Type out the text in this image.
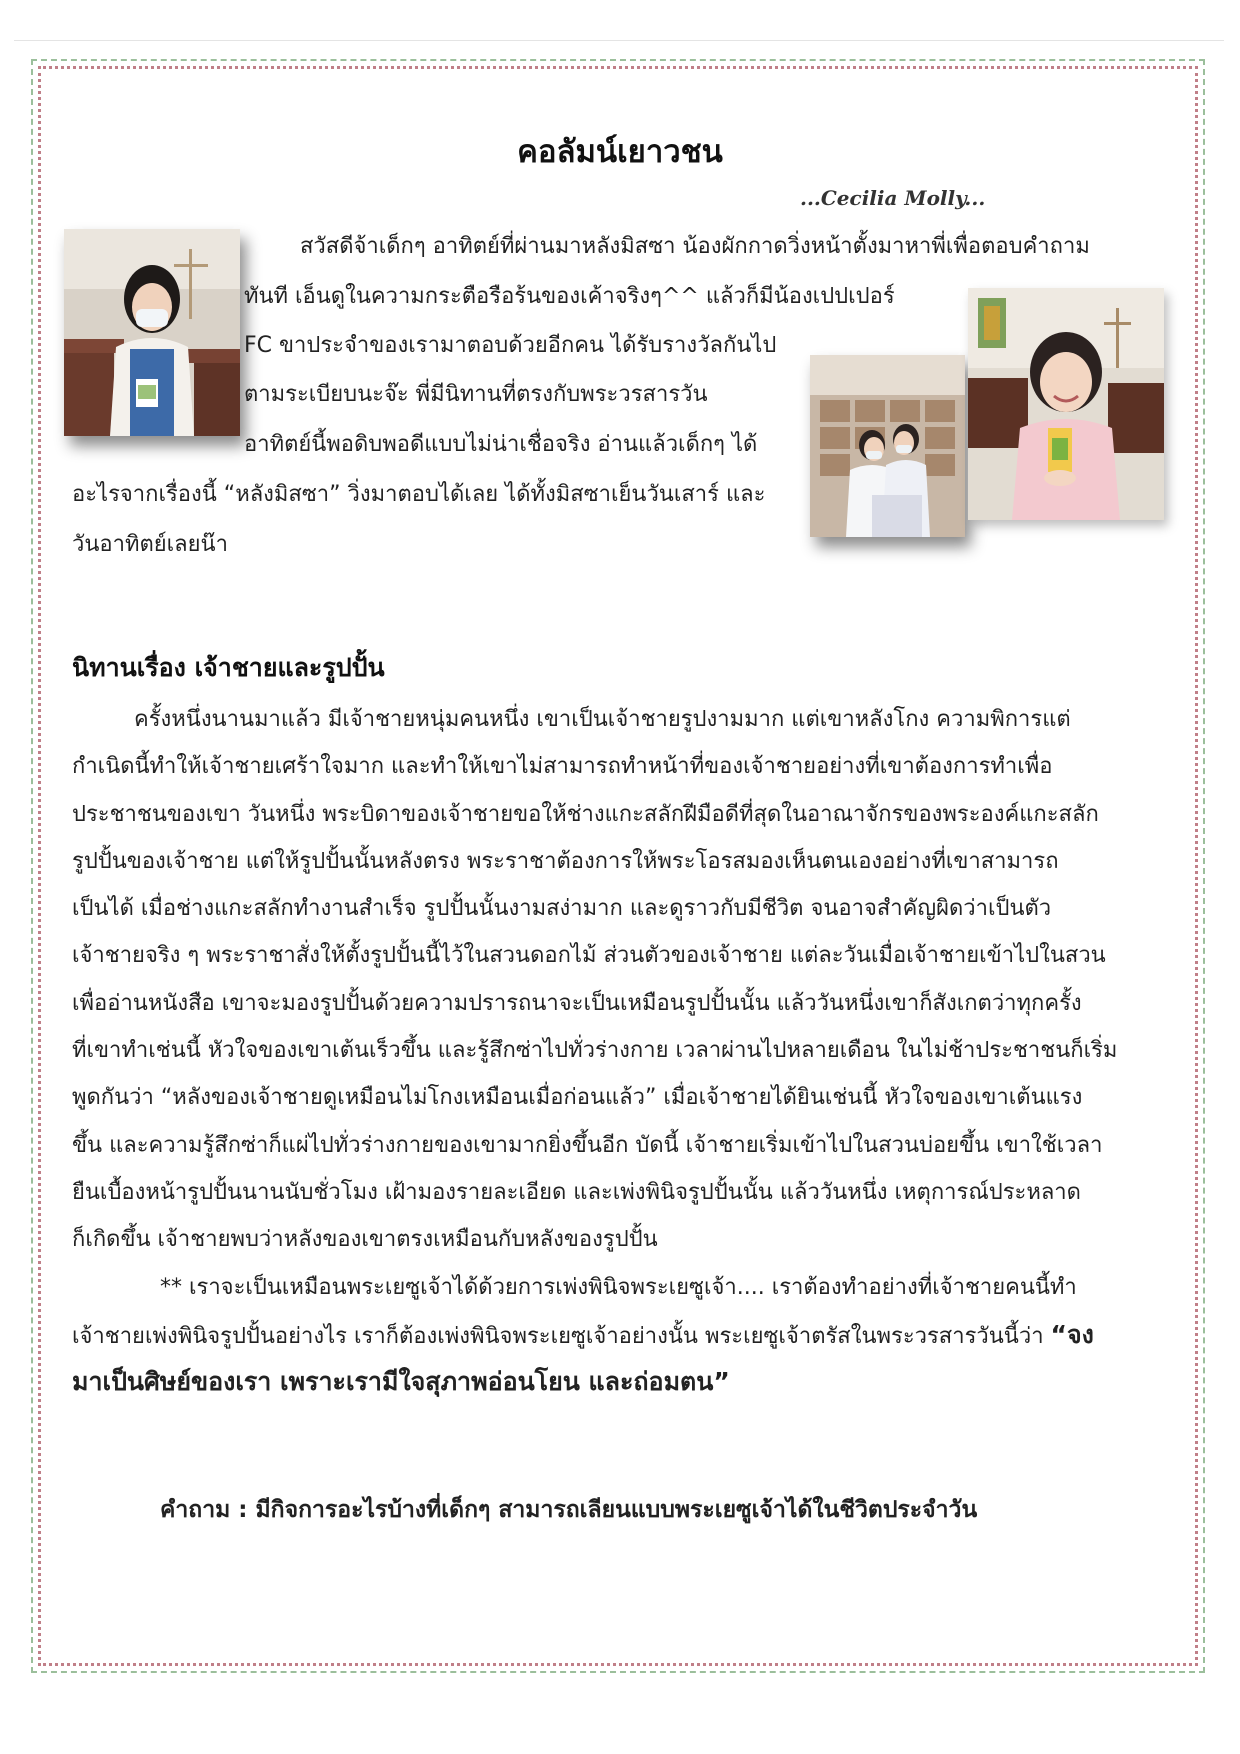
คอลัมน์เยาวชน
...Cecilia Molly...
สวัสดีจ้าเด็กๆ อาทิตย์ที่ผ่านมาหลังมิสซา น้องผักกาดวิ่งหน้าตั้งมาหาพี่เพื่อตอบคำถาม
ทันที เอ็นดูในความกระตือรือร้นของเค้าจริงๆ^^ แล้วก็มีน้องเปปเปอร์
FC ขาประจำของเรามาตอบด้วยอีกคน ได้รับรางวัลกันไป
ตามระเบียบนะจ๊ะ พี่มีนิทานที่ตรงกับพระวรสารวัน
อาทิตย์นี้พอดิบพอดีแบบไม่น่าเชื่อจริง อ่านแล้วเด็กๆ ได้
อะไรจากเรื่องนี้ “หลังมิสซา” วิ่งมาตอบได้เลย ได้ทั้งมิสซาเย็นวันเสาร์ และ
วันอาทิตย์เลยน๊า
นิทานเรื่อง เจ้าชายและรูปปั้น
ครั้งหนึ่งนานมาแล้ว มีเจ้าชายหนุ่มคนหนึ่ง เขาเป็นเจ้าชายรูปงามมาก แต่เขาหลังโกง ความพิการแต่
กำเนิดนี้ทำให้เจ้าชายเศร้าใจมาก และทำให้เขาไม่สามารถทำหน้าที่ของเจ้าชายอย่างที่เขาต้องการทำเพื่อ
ประชาชนของเขา วันหนึ่ง พระบิดาของเจ้าชายขอให้ช่างแกะสลักฝีมือดีที่สุดในอาณาจักรของพระองค์แกะสลัก
รูปปั้นของเจ้าชาย แต่ให้รูปปั้นนั้นหลังตรง พระราชาต้องการให้พระโอรสมองเห็นตนเองอย่างที่เขาสามารถ
เป็นได้ เมื่อช่างแกะสลักทำงานสำเร็จ รูปปั้นนั้นงามสง่ามาก และดูราวกับมีชีวิต จนอาจสำคัญผิดว่าเป็นตัว
เจ้าชายจริง ๆ พระราชาสั่งให้ตั้งรูปปั้นนี้ไว้ในสวนดอกไม้ ส่วนตัวของเจ้าชาย แต่ละวันเมื่อเจ้าชายเข้าไปในสวน
เพื่ออ่านหนังสือ เขาจะมองรูปปั้นด้วยความปรารถนาจะเป็นเหมือนรูปปั้นนั้น แล้ววันหนึ่งเขาก็สังเกตว่าทุกครั้ง
ที่เขาทำเช่นนี้ หัวใจของเขาเต้นเร็วขึ้น และรู้สึกซ่าไปทั่วร่างกาย เวลาผ่านไปหลายเดือน ในไม่ช้าประชาชนก็เริ่ม
พูดกันว่า “หลังของเจ้าชายดูเหมือนไม่โกงเหมือนเมื่อก่อนแล้ว” เมื่อเจ้าชายได้ยินเช่นนี้ หัวใจของเขาเต้นแรง
ขึ้น และความรู้สึกซ่าก็แผ่ไปทั่วร่างกายของเขามากยิ่งขึ้นอีก บัดนี้ เจ้าชายเริ่มเข้าไปในสวนบ่อยขึ้น เขาใช้เวลา
ยืนเบื้องหน้ารูปปั้นนานนับชั่วโมง เฝ้ามองรายละเอียด และเพ่งพินิจรูปปั้นนั้น แล้ววันหนึ่ง เหตุการณ์ประหลาด
ก็เกิดขึ้น เจ้าชายพบว่าหลังของเขาตรงเหมือนกับหลังของรูปปั้น
** เราจะเป็นเหมือนพระเยซูเจ้าได้ด้วยการเพ่งพินิจพระเยซูเจ้า.... เราต้องทำอย่างที่เจ้าชายคนนี้ทำ
เจ้าชายเพ่งพินิจรูปปั้นอย่างไร เราก็ต้องเพ่งพินิจพระเยซูเจ้าอย่างนั้น พระเยซูเจ้าตรัสในพระวรสารวันนี้ว่า “จง
มาเป็นศิษย์ของเรา เพราะเรามีใจสุภาพอ่อนโยน และถ่อมตน”
คำถาม : มีกิจการอะไรบ้างที่เด็กๆ สามารถเลียนแบบพระเยซูเจ้าได้ในชีวิตประจำวัน
